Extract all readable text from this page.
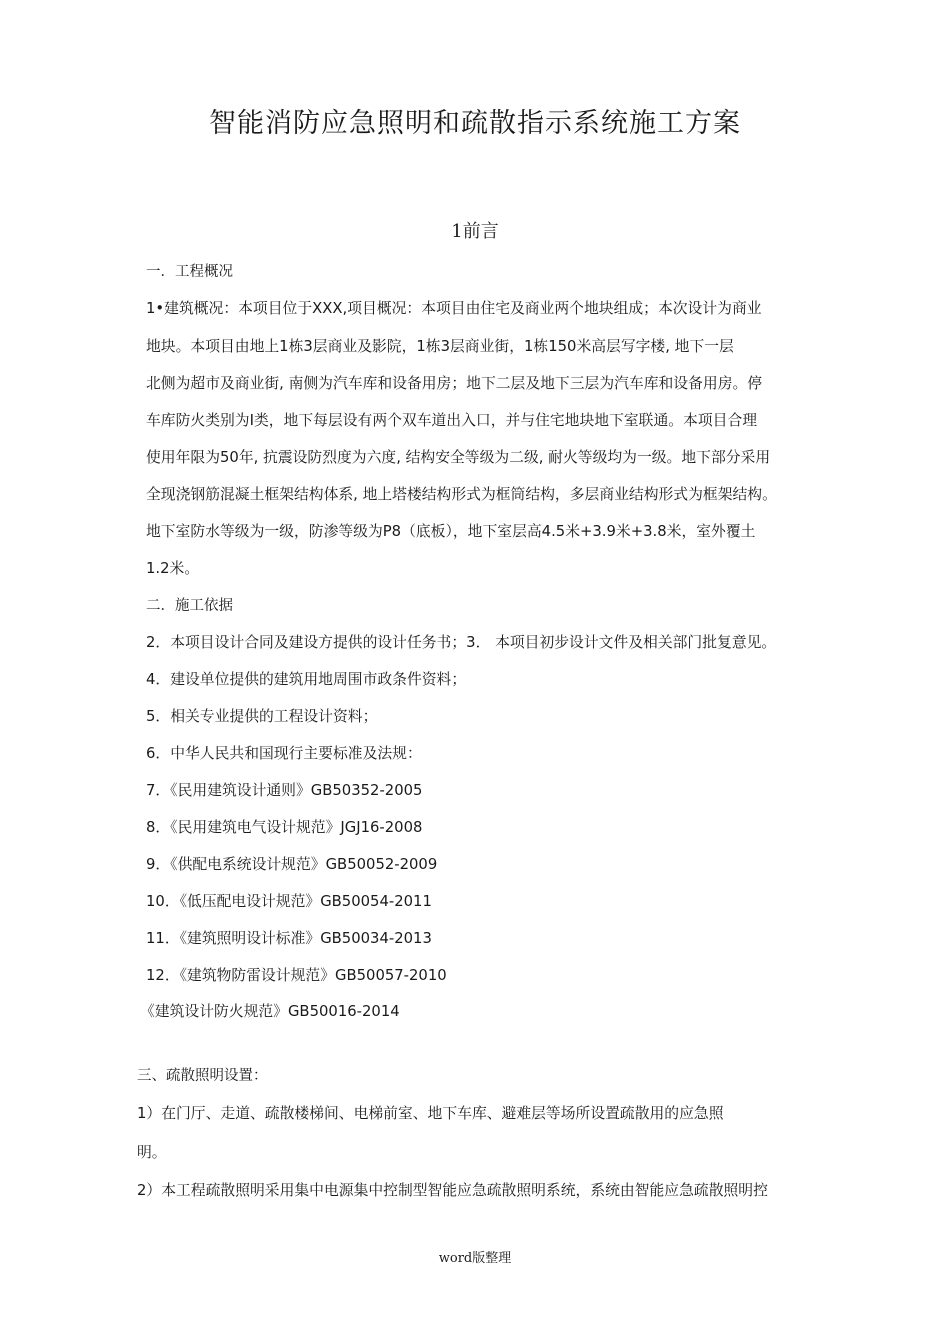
智能消防应急照明和疏散指示系统施工方案
1前言
一．工程概况
1•建筑概况：本项目位于XXX,项目概况：本项目由住宅及商业两个地块组成；本次设计为商业
地块。本项目由地上1栋3层商业及影院，1栋3层商业街，1栋150米高层写字楼, 地下一层
北侧为超市及商业街, 南侧为汽车库和设备用房；地下二层及地下三层为汽车库和设备用房。停
车库防火类别为I类，地下每层设有两个双车道出入口，并与住宅地块地下室联通。本项目合理
使用年限为50年, 抗震设防烈度为六度, 结构安全等级为二级, 耐火等级均为一级。地下部分采用
全现浇钢筋混凝土框架结构体系, 地上塔楼结构形式为框筒结构，多层商业结构形式为框架结构。
地下室防水等级为一级，防渗等级为P8（底板），地下室层高4.5米+3.9米+3.8米，室外覆土
1.2米。
二．施工依据
2．本项目设计合同及建设方提供的设计任务书；3． 本项目初步设计文件及相关部门批复意见。
4．建设单位提供的建筑用地周围市政条件资料；
5．相关专业提供的工程设计资料；
6．中华人民共和国现行主要标准及法规：
7．《民用建筑设计通则》GB50352-2005
8．《民用建筑电气设计规范》JGJ16-2008
9．《供配电系统设计规范》GB50052-2009
10．《低压配电设计规范》GB50054-2011
11．《建筑照明设计标准》GB50034-2013
12．《建筑物防雷设计规范》GB50057-2010
《建筑设计防火规范》GB50016-2014
三、疏散照明设置：
1）在门厅、走道、疏散楼梯间、电梯前室、地下车库、避难层等场所设置疏散用的应急照
明。
2）本工程疏散照明采用集中电源集中控制型智能应急疏散照明系统，系统由智能应急疏散照明控
word版整理
